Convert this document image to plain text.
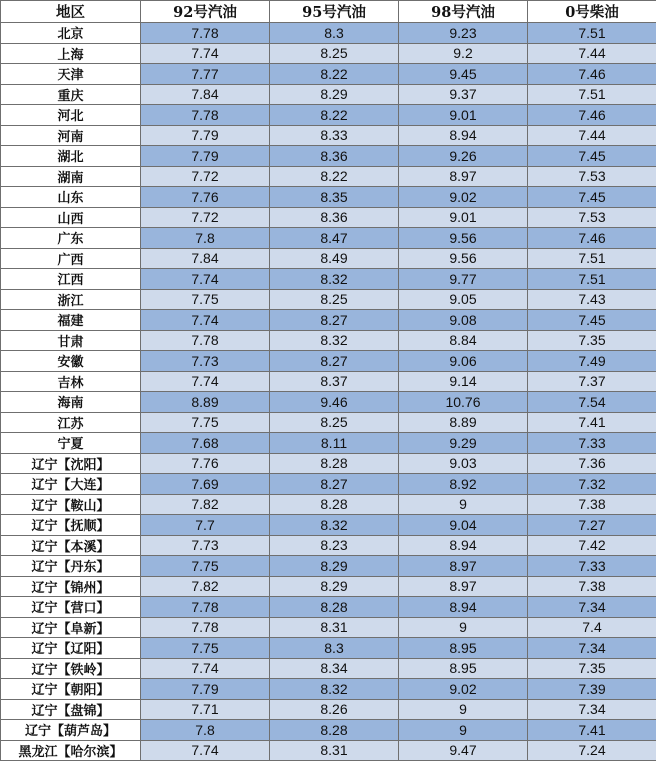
地区	92号汽油	95号汽油	98号汽油	0号柴油
北京	7.78	8.3	9.23	7.51
上海	7.74	8.25	9.2	7.44
天津	7.77	8.22	9.45	7.46
重庆	7.84	8.29	9.37	7.51
河北	7.78	8.22	9.01	7.46
河南	7.79	8.33	8.94	7.44
湖北	7.79	8.36	9.26	7.45
湖南	7.72	8.22	8.97	7.53
山东	7.76	8.35	9.02	7.45
山西	7.72	8.36	9.01	7.53
广东	7.8	8.47	9.56	7.46
广西	7.84	8.49	9.56	7.51
江西	7.74	8.32	9.77	7.51
浙江	7.75	8.25	9.05	7.43
福建	7.74	8.27	9.08	7.45
甘肃	7.78	8.32	8.84	7.35
安徽	7.73	8.27	9.06	7.49
吉林	7.74	8.37	9.14	7.37
海南	8.89	9.46	10.76	7.54
江苏	7.75	8.25	8.89	7.41
宁夏	7.68	8.11	9.29	7.33
辽宁【沈阳】	7.76	8.28	9.03	7.36
辽宁【大连】	7.69	8.27	8.92	7.32
辽宁【鞍山】	7.82	8.28	9	7.38
辽宁【抚顺】	7.7	8.32	9.04	7.27
辽宁【本溪】	7.73	8.23	8.94	7.42
辽宁【丹东】	7.75	8.29	8.97	7.33
辽宁【锦州】	7.82	8.29	8.97	7.38
辽宁【营口】	7.78	8.28	8.94	7.34
辽宁【阜新】	7.78	8.31	9	7.4
辽宁【辽阳】	7.75	8.3	8.95	7.34
辽宁【铁岭】	7.74	8.34	8.95	7.35
辽宁【朝阳】	7.79	8.32	9.02	7.39
辽宁【盘锦】	7.71	8.26	9	7.34
辽宁【葫芦岛】	7.8	8.28	9	7.41
黑龙江【哈尔滨】	7.74	8.31	9.47	7.24
